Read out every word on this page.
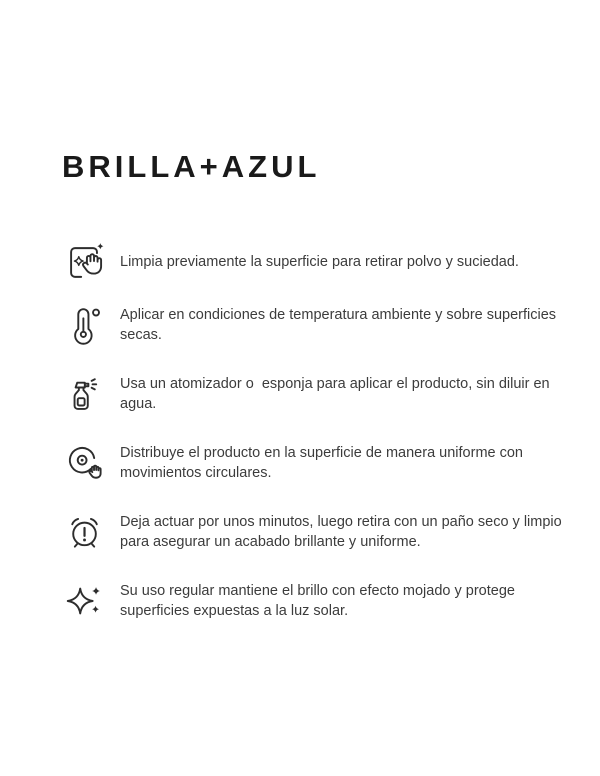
BRILLA+AZUL
Limpia previamente la superficie para retirar polvo y suciedad.
Aplicar en condiciones de temperatura ambiente y sobre superficies
secas.
Usa un atomizador o  esponja para aplicar el producto, sin diluir en
agua.
Distribuye el producto en la superficie de manera uniforme con
movimientos circulares.
Deja actuar por unos minutos, luego retira con un paño seco y limpio
para asegurar un acabado brillante y uniforme.
Su uso regular mantiene el brillo con efecto mojado y protege
superficies expuestas a la luz solar.
